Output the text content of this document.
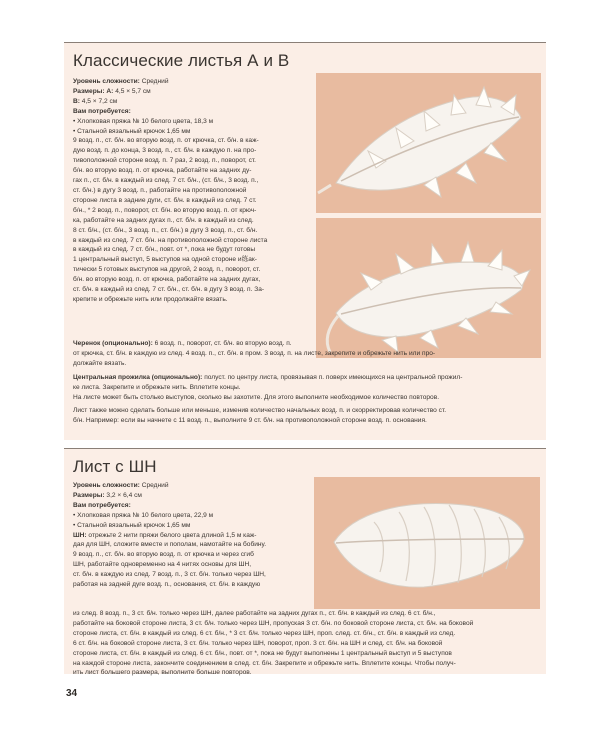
Классические листья А и В

Уровень сложности: Средний

Размеры: А: 4,5 × 5,7 см

В: 4,5 × 7,2 см

Вам потребуется:

• Хлопковая пряжа № 10 белого цвета, 18,3 м

• Стальной вязальный крючок 1,65 мм

9 возд. п., ст. б/н. во вторую возд. п. от крючка, ст. б/н. в каж-

дую возд. п. до конца, 3 возд. п., ст. б/н. в каждую п. на про-

тивоположной стороне возд. п. 7 раз, 2 возд. п., поворот, ст.

б/н. во вторую возд. п. от крючка, работайте на задних ду-

гах п., ст. б/н. в каждый из след. 7 ст. б/н., (ст. б/н., 3 возд. п.,

ст. б/н.) в дугу 3 возд. п., работайте на противоположной

стороне листа в задние дуги, ст. б/н. в каждый из след. 7 ст.

б/н., * 2 возд. п., поворот, ст. б/н. во вторую возд. п. от крюч-

ка, работайте на задних дугах п., ст. б/н. в каждый из след.

8 ст. б/н., (ст. б/н., 3 возд. п., ст. б/н.) в дугу 3 возд. п., ст. б/н.

в каждый из след. 7 ст. б/н. на противоположной стороне листа

в каждый из след. 7 ст. б/н., повт. от *, пока не будут готовы

1 центральный выступ, 5 выступов на одной стороне и练ак-

тически 5 готовых выступов на другой, 2 возд. п., поворот, ст.

б/н. во вторую возд. п. от крючка, работайте на задних дугах,

ст. б/н. в каждый из след. 7 ст. б/н., ст. б/н. в дугу 3 возд. п. За-

крепите и обрежьте нить или продолжайте вязать.

Черенок (опционально): 6 возд. п., поворот, ст. б/н. во вторую возд. п.

от крючка, ст. б/н. в каждую из след. 4 возд. п., ст. б/н. в пром. 3 возд. п. на листе, закрепите и обрежьте нить или про-

должайте вязать.

Центральная прожилка (опционально): полуст. по центру листа, провязывая п. поверх имеющихся на центральной прожил-

ке листа. Закрепите и обрежьте нить. Вплетите концы.

На листе может быть столько выступов, сколько вы захотите. Для этого выполните необходимое количество повторов.

Лист также можно сделать больше или меньше, изменив количество начальных возд. п. и скорректировав количество ст.

б/н. Например: если вы начнете с 11 возд. п., выполните 9 ст. б/н. на противоположной стороне возд. п. основания.

Лист с ШН

Уровень сложности: Средний

Размеры: 3,2 × 6,4 см

Вам потребуется:

• Хлопковая пряжа № 10 белого цвета, 22,9 м

• Стальной вязальный крючок 1,65 мм

ШН: отрежьте 2 нити пряжи белого цвета длиной 1,5 м каж-

дая для ШН, сложите вместе и пополам, намотайте на бобину.

9 возд. п., ст. б/н. во вторую возд. п. от крючка и через сгиб

ШН, работайте одновременно на 4 нитях основы для ШН,

ст. б/н. в каждую из след. 7 возд. п., 3 ст. б/н. только через ШН,

работая на задней дуге возд. п., основания, ст. б/н. в каждую

из след. 8 возд. п., 3 ст. б/н. только через ШН, далее работайте на задних дугах п., ст. б/н. в каждый из след. 6 ст. б/н.,

работайте на боковой стороне листа, 3 ст. б/н. только через ШН, пропуская 3 ст. б/н. по боковой стороне листа, ст. б/н. на боковой

стороне листа, ст. б/н. в каждый из след. 6 ст. б/н., * 3 ст. б/н. только через ШН, проп. след. ст. б/н., ст. б/н. в каждый из след.

6 ст. б/н. на боковой стороне листа, 3 ст. б/н. только через ШН, поворот, проп. 3 ст. б/н. на ШН и след. ст. б/н. на боковой

стороне листа, ст. б/н. в каждый из след. 6 ст. б/н., повт. от *, пока не будут выполнены 1 центральный выступ и 5 выступов

на каждой стороне листа, закончите соединением в след. ст. б/н. Закрепите и обрежьте нить. Вплетите концы. Чтобы получ-

ить лист большего размера, выполните больше повторов.

34
